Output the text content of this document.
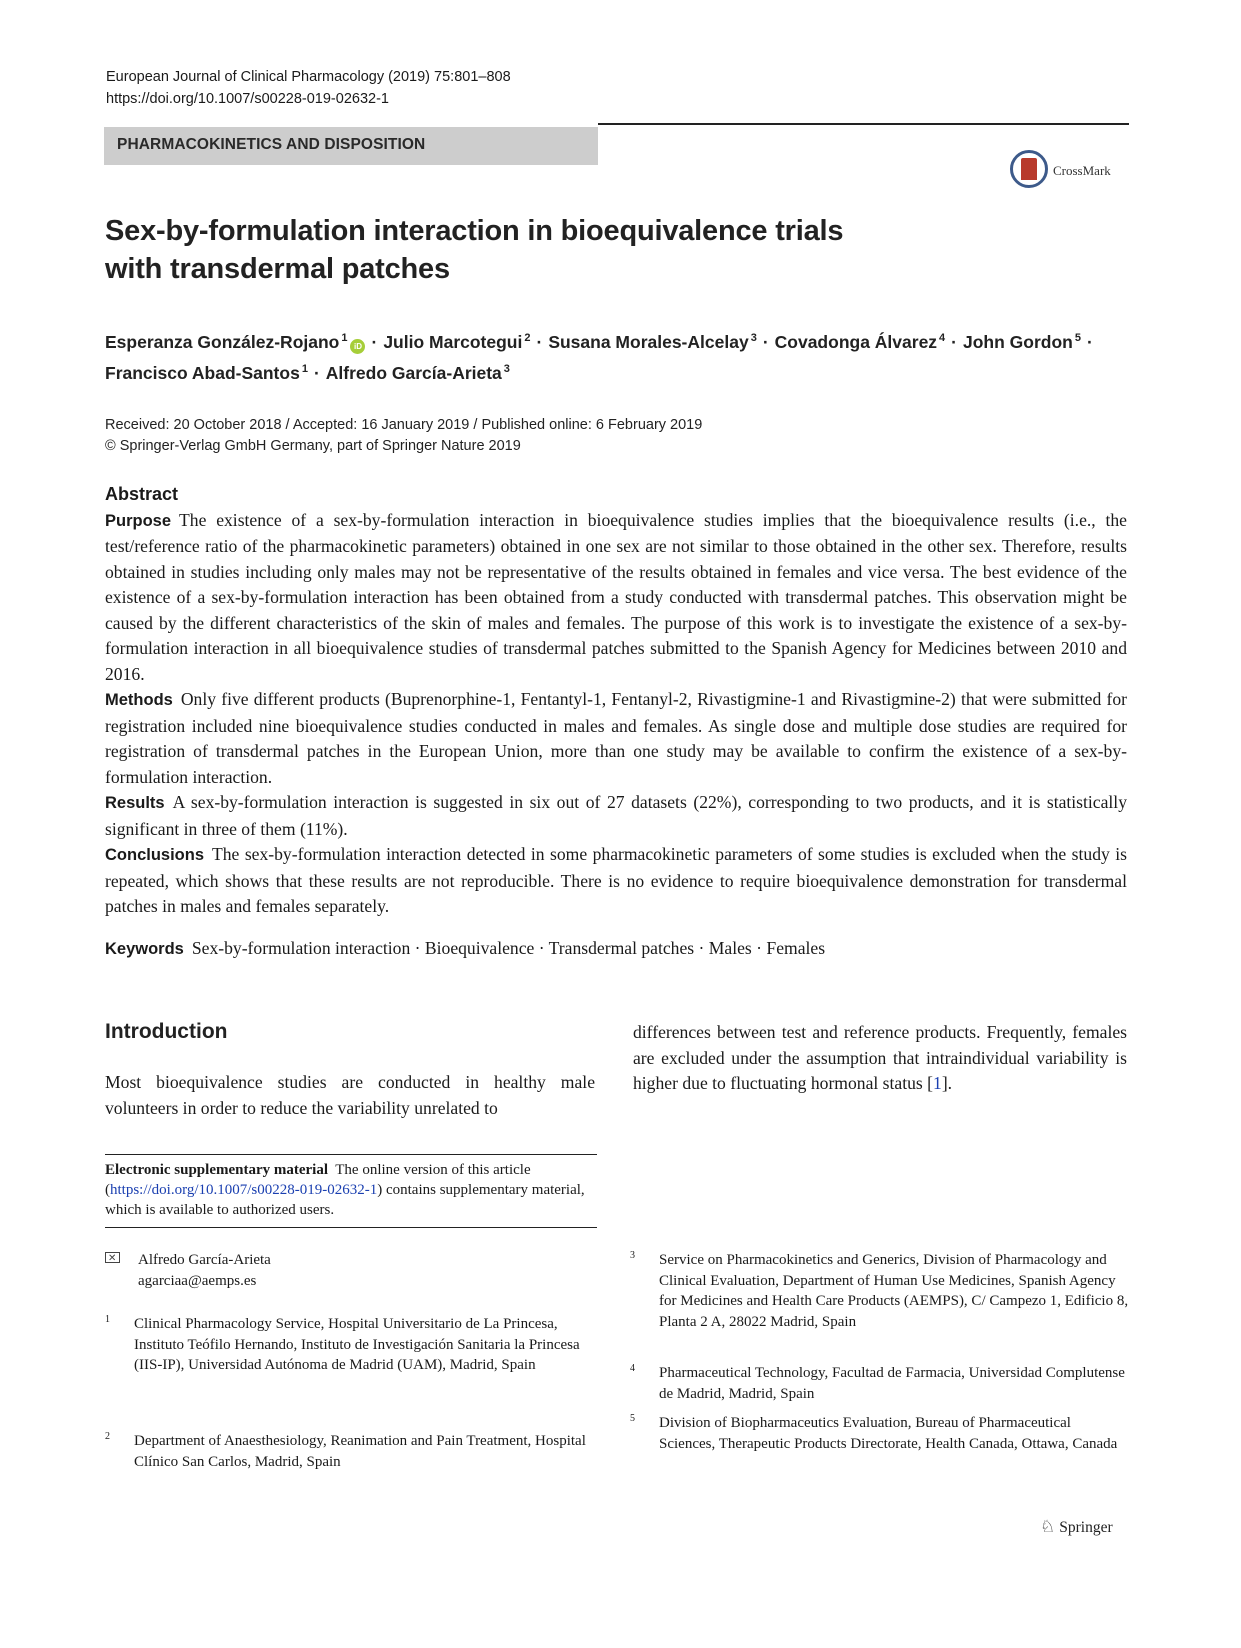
European Journal of Clinical Pharmacology (2019) 75:801–808
https://doi.org/10.1007/s00228-019-02632-1
PHARMACOKINETICS AND DISPOSITION
CrossMark
Sex-by-formulation interaction in bioequivalence trials
with transdermal patches
Esperanza González-Rojano $^1$iD · Julio Marcotegui $^2$ · Susana Morales-Alcelay $^3$ · Covadonga Álvarez $^4$ · John Gordon $^5$ ·
Francisco Abad-Santos $^1$ · Alfredo García-Arieta $^3$
Received: 20 October 2018 / Accepted: 16 January 2019 / Published online: 6 February 2019
© Springer-Verlag GmbH Germany, part of Springer Nature 2019
Abstract

Purpose The existence of a sex-by-formulation interaction in bioequivalence studies implies that the bioequivalence results (i.e., the test/reference ratio of the pharmacokinetic parameters) obtained in one sex are not similar to those obtained in the other sex. Therefore, results obtained in studies including only males may not be representative of the results obtained in females and vice versa. The best evidence of the existence of a sex-by-formulation interaction has been obtained from a study conducted with transdermal patches. This observation might be caused by the different characteristics of the skin of males and females. The purpose of this work is to investigate the existence of a sex-by-formulation interaction in all bioequivalence studies of transdermal patches submitted to the Spanish Agency for Medicines between 2010 and 2016.

Methods Only five different products (Buprenorphine-1, Fentantyl-1, Fentanyl-2, Rivastigmine-1 and Rivastigmine-2) that were submitted for registration included nine bioequivalence studies conducted in males and females. As single dose and multiple dose studies are required for registration of transdermal patches in the European Union, more than one study may be available to confirm the existence of a sex-by-formulation interaction.

Results A sex-by-formulation interaction is suggested in six out of 27 datasets (22%), corresponding to two products, and it is statistically significant in three of them (11%).

Conclusions The sex-by-formulation interaction detected in some pharmacokinetic parameters of some studies is excluded when the study is repeated, which shows that these results are not reproducible. There is no evidence to require bioequivalence demonstration for transdermal patches in males and females separately.

Keywords Sex-by-formulation interaction · Bioequivalence · Transdermal patches · Males · Females
Introduction

Most bioequivalence studies are conducted in healthy male volunteers in order to reduce the variability unrelated to

differences between test and reference products. Frequently, females are excluded under the assumption that intraindividual variability is higher due to fluctuating hormonal status [1].

Electronic supplementary material The online version of this article (https://doi.org/10.1007/s00228-019-02632-1) contains supplementary material, which is available to authorized users.
✕
Alfredo García-Arieta
agarciaa@aemps.es
1 Clinical Pharmacology Service, Hospital Universitario de La Princesa, Instituto Teófilo Hernando, Instituto de Investigación Sanitaria la Princesa (IIS-IP), Universidad Autónoma de Madrid (UAM), Madrid, Spain
2 Department of Anaesthesiology, Reanimation and Pain Treatment, Hospital Clínico San Carlos, Madrid, Spain
3 Service on Pharmacokinetics and Generics, Division of Pharmacology and Clinical Evaluation, Department of Human Use Medicines, Spanish Agency for Medicines and Health Care Products (AEMPS), C/ Campezo 1, Edificio 8, Planta 2 A, 28022 Madrid, Spain
4 Pharmaceutical Technology, Facultad de Farmacia, Universidad Complutense de Madrid, Madrid, Spain
5 Division of Biopharmaceutics Evaluation, Bureau of Pharmaceutical Sciences, Therapeutic Products Directorate, Health Canada, Ottawa, Canada
♘ Springer
